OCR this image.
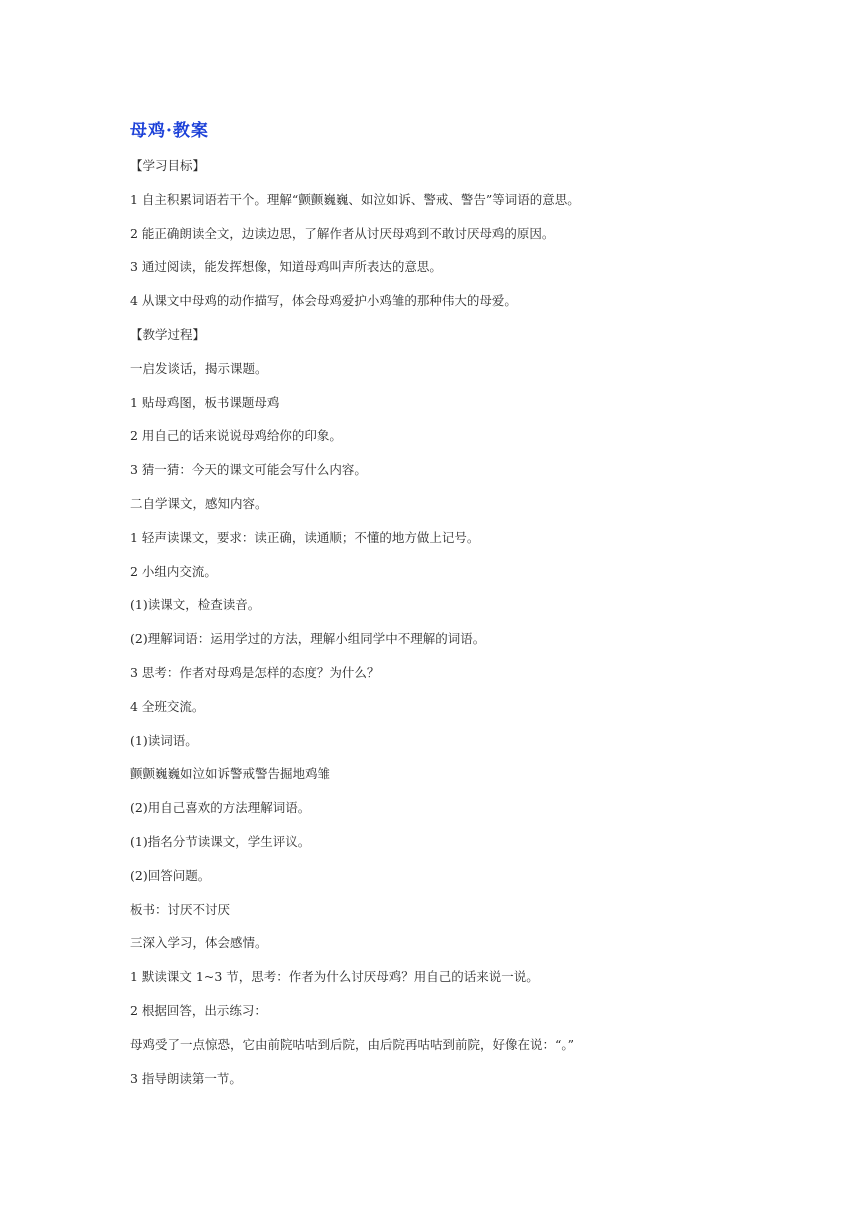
母鸡·教案
【学习目标】
1 自主积累词语若干个。理解“颤颤巍巍、如泣如诉、警戒、警告”等词语的意思。
2 能正确朗读全文，边读边思，了解作者从讨厌母鸡到不敢讨厌母鸡的原因。
3 通过阅读，能发挥想像，知道母鸡叫声所表达的意思。
4 从课文中母鸡的动作描写，体会母鸡爱护小鸡雏的那种伟大的母爱。
【教学过程】
一启发谈话，揭示课题。
1 贴母鸡图，板书课题母鸡
2 用自己的话来说说母鸡给你的印象。
3 猜一猜：今天的课文可能会写什么内容。
二自学课文，感知内容。
1 轻声读课文，要求：读正确，读通顺；不懂的地方做上记号。
2 小组内交流。
(1)读课文，检查读音。
(2)理解词语：运用学过的方法，理解小组同学中不理解的词语。
3 思考：作者对母鸡是怎样的态度？为什么？
4 全班交流。
(1)读词语。
颤颤巍巍如泣如诉警戒警告掘地鸡雏
(2)用自己喜欢的方法理解词语。
(1)指名分节读课文，学生评议。
(2)回答问题。
板书：讨厌不讨厌
三深入学习，体会感情。
1 默读课文 1~3 节，思考：作者为什么讨厌母鸡？用自己的话来说一说。
2 根据回答，出示练习：
母鸡受了一点惊恐，它由前院咕咕到后院，由后院再咕咕到前院，好像在说：“。”
3 指导朗读第一节。
